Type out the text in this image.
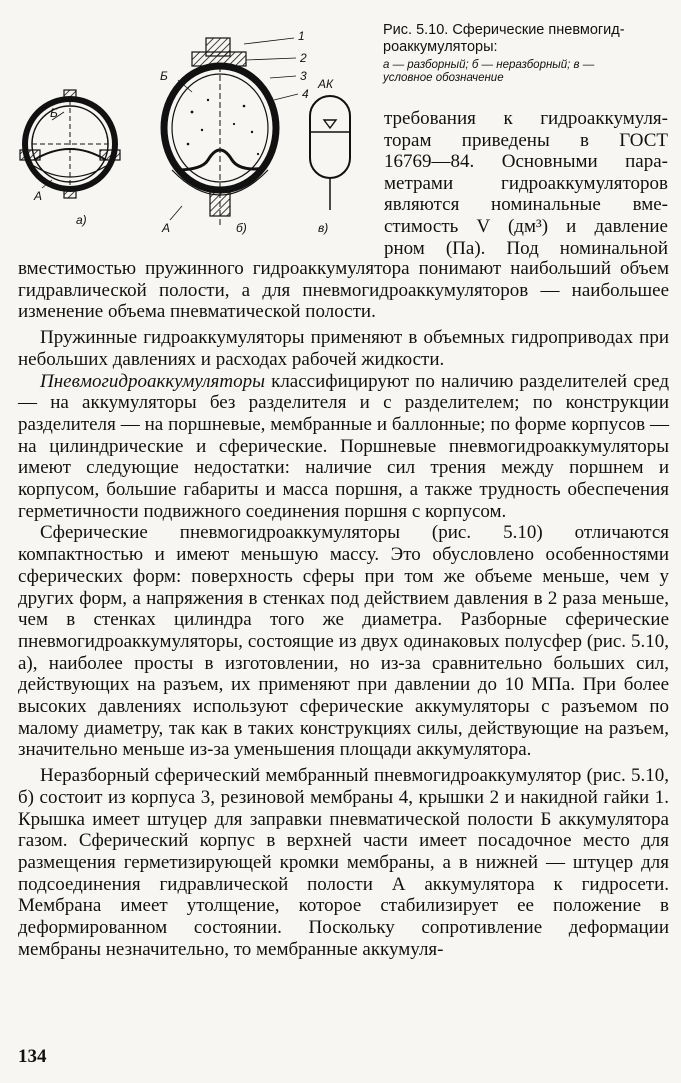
Б
А
а)
Б
А
1
2
3
4
б)
АК
в)

Рис. 5.10. Сферические пневмогид-
роаккумуляторы:

а — разборный; б — неразборный; в —
условное обозначение

требования к гидроаккумуля-

торам приведены в ГОСТ

16769—84. Основными пара-

метрами гидроаккумуляторов

являются номинальные вме-

стимость V (дм³) и давление

pном (Па). Под номинальной

вместимостью пружинного гидроаккумулятора понимают наибольший объем гидравлической полости, а для пневмогидроаккумуляторов — наибольшее изменение объема пневматической полости.

Пружинные гидроаккумуляторы применяют в объемных гидроприводах при небольших давлениях и расходах рабочей жидкости.

Пневмогидроаккумуляторы классифицируют по наличию разделителей сред — на аккумуляторы без разделителя и с разделителем; по конструкции разделителя — на поршневые, мембранные и баллонные; по форме корпусов — на цилиндрические и сферические. Поршневые пневмогидроаккумуляторы имеют следующие недостатки: наличие сил трения между поршнем и корпусом, большие габариты и масса поршня, а также трудность обеспечения герметичности подвижного соединения поршня с корпусом.

Сферические пневмогидроаккумуляторы (рис. 5.10) отличаются компактностью и имеют меньшую массу. Это обусловлено особенностями сферических форм: поверхность сферы при том же объеме меньше, чем у других форм, а напряжения в стенках под действием давления в 2 раза меньше, чем в стенках цилиндра того же диаметра. Разборные сферические пневмогидроаккумуляторы, состоящие из двух одинаковых полусфер (рис. 5.10, а), наиболее просты в изготовлении, но из-за сравнительно больших сил, действующих на разъем, их применяют при давлении до 10 МПа. При более высоких давлениях используют сферические аккумуляторы с разъемом по малому диаметру, так как в таких конструкциях силы, действующие на разъем, значительно меньше из-за уменьшения площади аккумулятора.

Неразборный сферический мембранный пневмогидроаккумулятор (рис. 5.10, б) состоит из корпуса 3, резиновой мембраны 4, крышки 2 и накидной гайки 1. Крышка имеет штуцер для заправки пневматической полости Б аккумулятора газом. Сферический корпус в верхней части имеет посадочное место для размещения герметизирующей кромки мембраны, а в нижней — штуцер для подсоединения гидравлической полости А аккумулятора к гидросети. Мембрана имеет утолщение, которое стабилизирует ее положение в деформированном состоянии. Поскольку сопротивление деформации мембраны незначительно, то мембранные аккумуля-

134
